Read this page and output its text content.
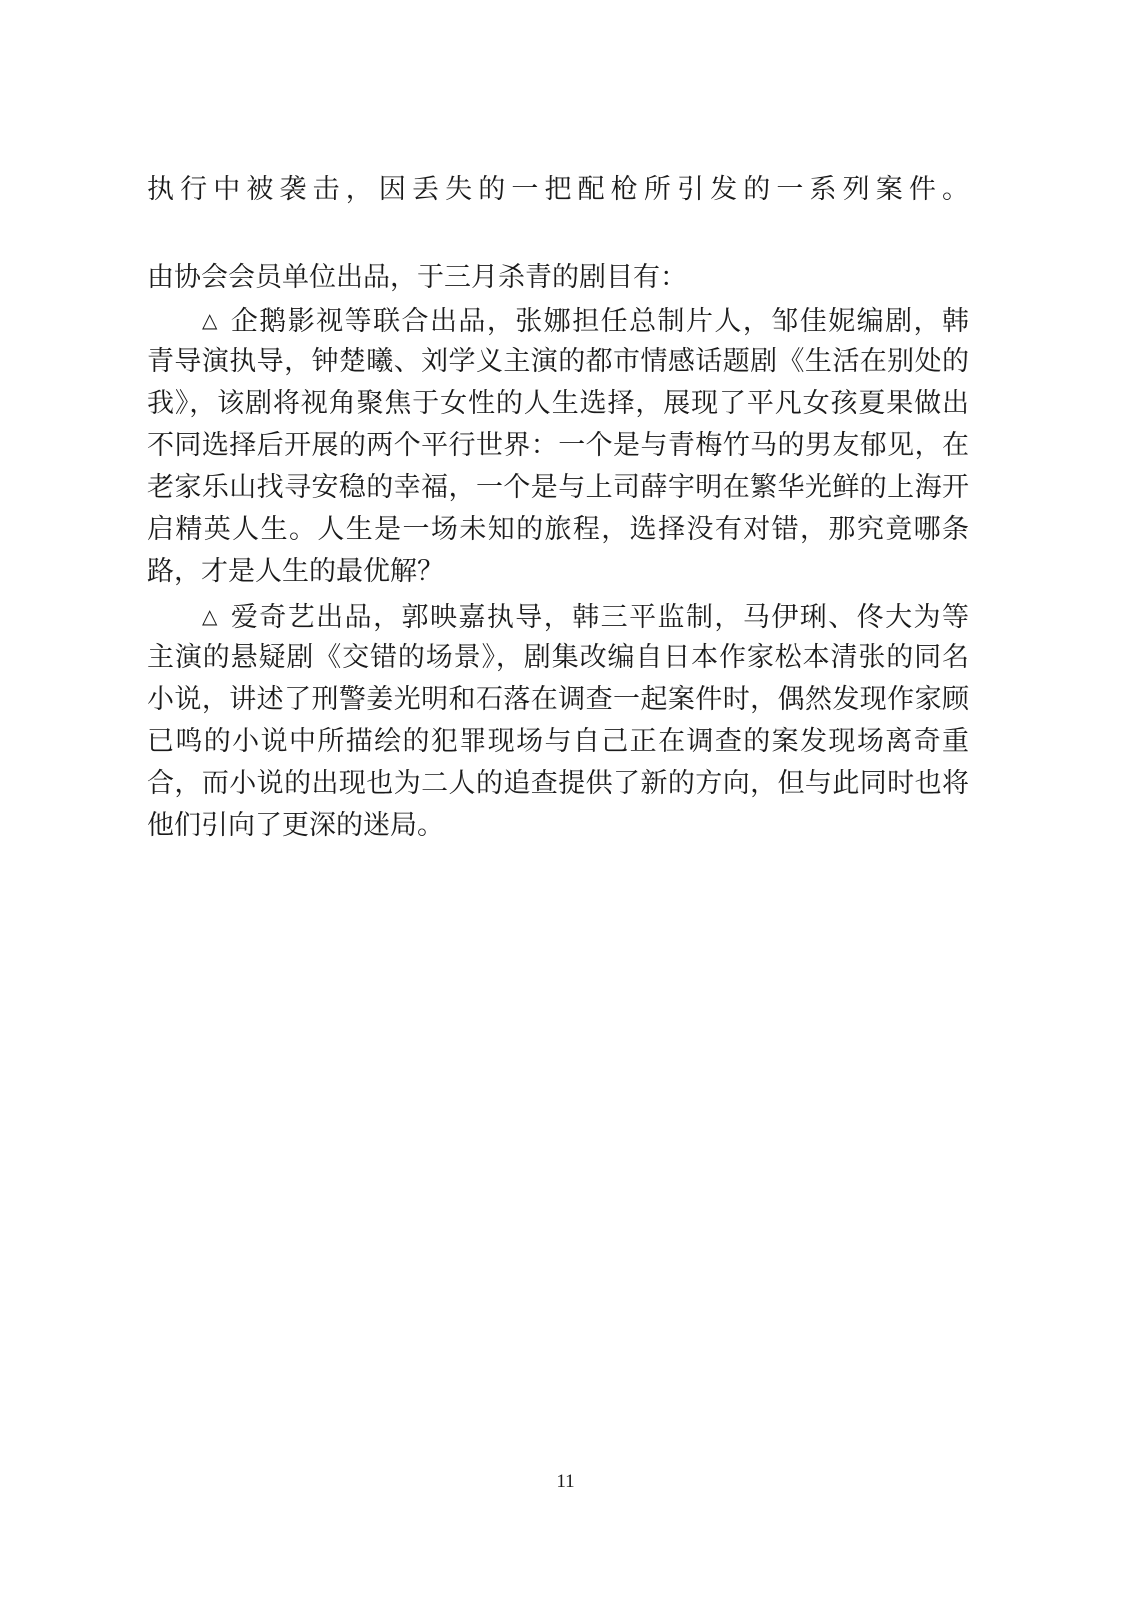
执行中被袭击，因丢失的一把配枪所引发的一系列案件。
由协会会员单位出品，于三月杀青的剧目有：
△ 企鹅影视等联合出品，张娜担任总制片人，邹佳妮编剧，韩
青导演执导，钟楚曦、刘学义主演的都市情感话题剧《生活在别处的
我》，该剧将视角聚焦于女性的人生选择，展现了平凡女孩夏果做出
不同选择后开展的两个平行世界：一个是与青梅竹马的男友郁见，在
老家乐山找寻安稳的幸福，一个是与上司薛宇明在繁华光鲜的上海开
启精英人生。人生是一场未知的旅程，选择没有对错，那究竟哪条
路，才是人生的最优解？
△ 爱奇艺出品，郭映嘉执导，韩三平监制，马伊琍、佟大为等
主演的悬疑剧《交错的场景》，剧集改编自日本作家松本清张的同名
小说，讲述了刑警姜光明和石落在调查一起案件时，偶然发现作家顾
已鸣的小说中所描绘的犯罪现场与自己正在调查的案发现场离奇重
合，而小说的出现也为二人的追查提供了新的方向，但与此同时也将
他们引向了更深的迷局。
11
